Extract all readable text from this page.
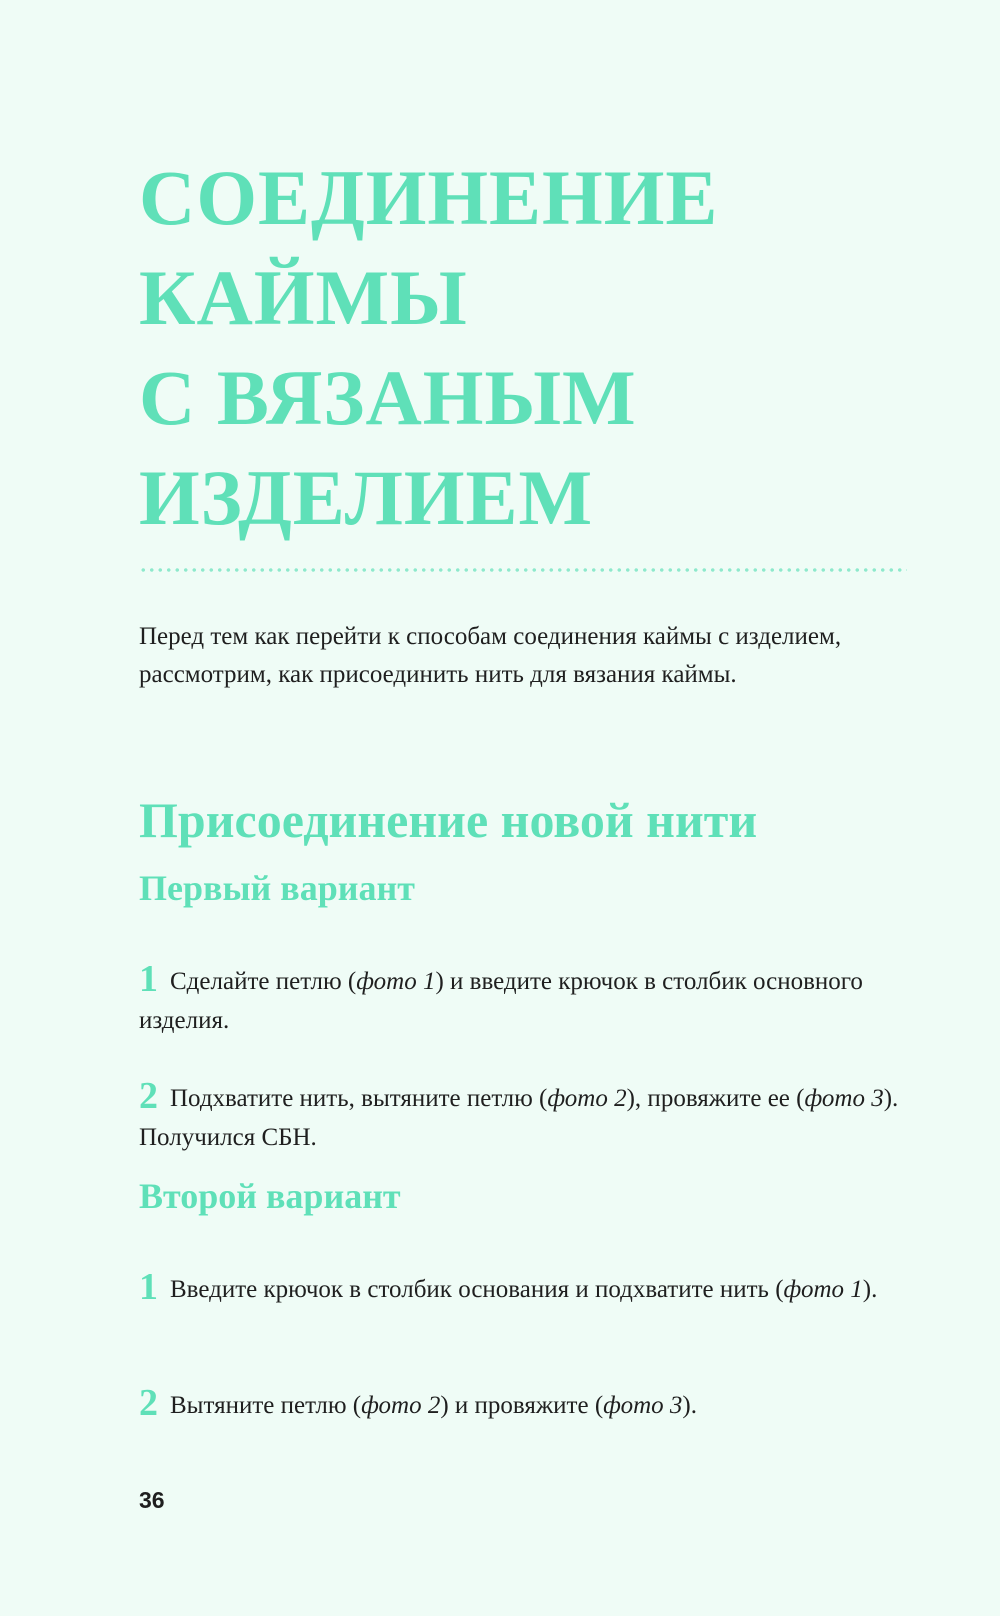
СОЕДИНЕНИЕ
КАЙМЫ
С ВЯЗАНЫМ
ИЗДЕЛИЕМ

Перед тем как перейти к способам соединения каймы с изделием, рассмотрим, как присоединить нить для вязания каймы.

Присоединение новой нити
Первый вариант

1 Сделайте петлю (фото 1) и введите крючок в столбик основного изделия.

2 Подхватите нить, вытяните петлю (фото 2), провяжите ее (фото 3). Получился СБН.

Второй вариант

1 Введите крючок в столбик основания и подхватите нить (фото 1).

2 Вытяните петлю (фото 2) и провяжите (фото 3).

36
